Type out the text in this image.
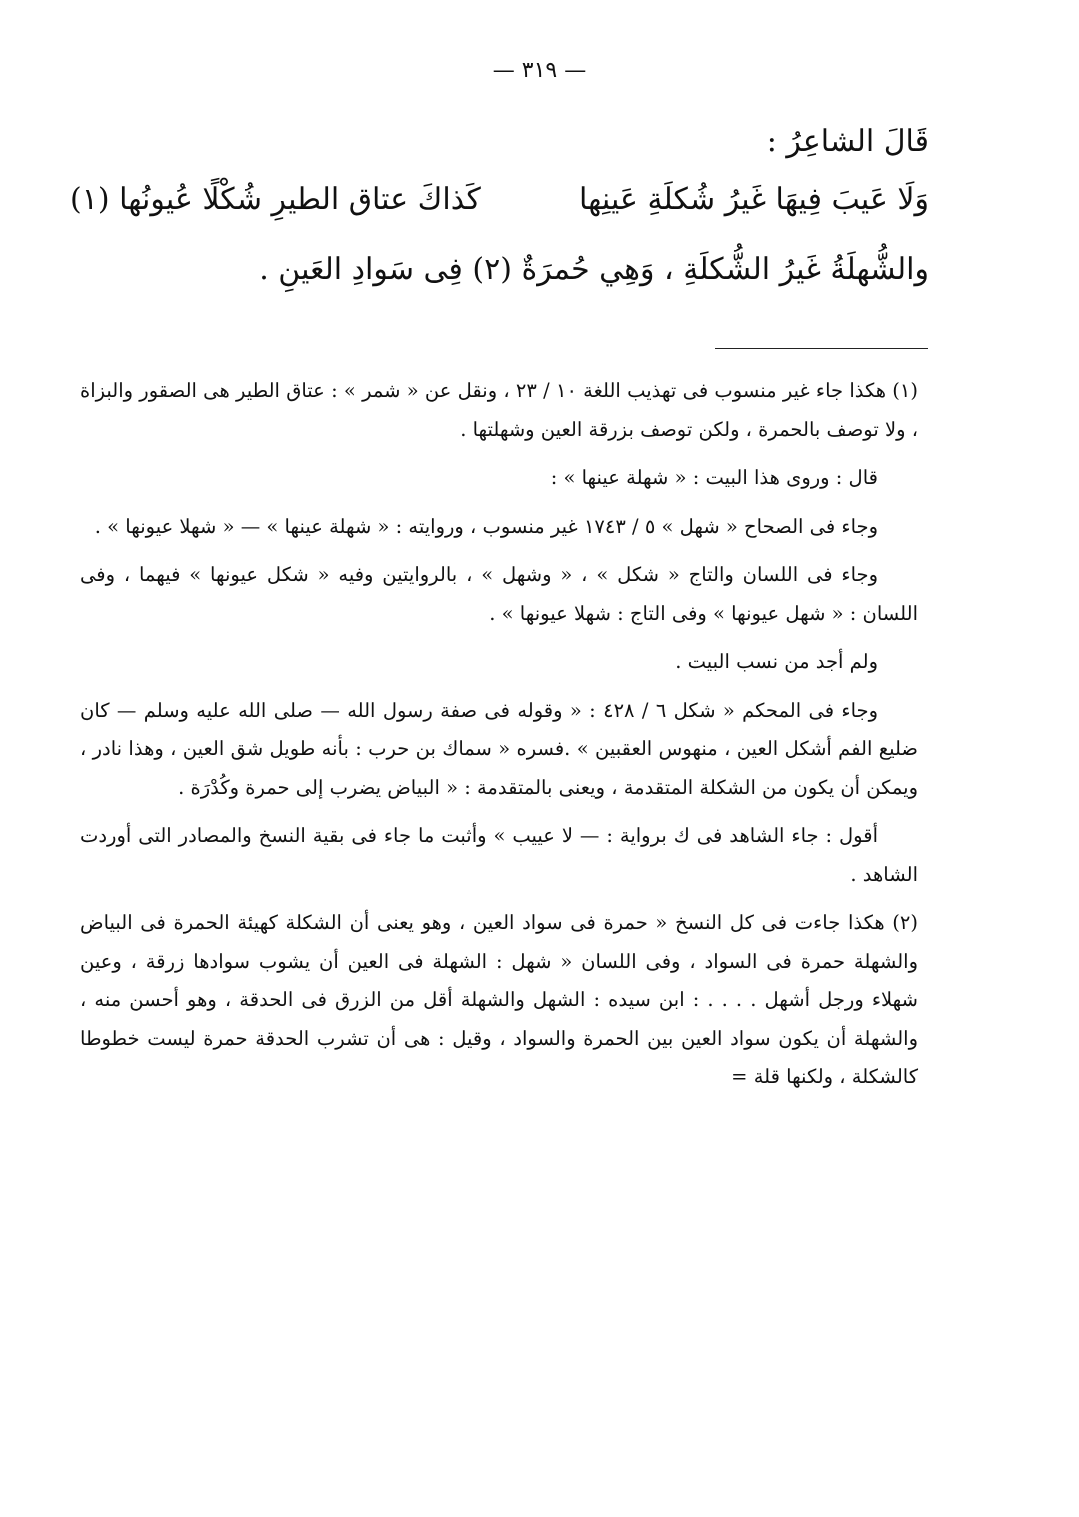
— ٣١٩ —

قَالَ الشاعِرُ :

وَلَا عَيبَ فِيهَا غَيرُ شُكلَةِ عَينِها
كَذاكَ عتاق الطيرِ شُكْلًا عُيونُها (١)
والشُّهلَةُ غَيرُ الشُّكلَةِ ، وَهِي حُمرَةٌ (٢) فِى سَوادِ العَينِ .

(١) هكذا جاء غير منسوب فى تهذيب اللغة ١٠ / ٢٣ ، ونقل عن « شمر » : عتاق الطير هى الصقور والبزاة ، ولا توصف بالحمرة ، ولكن توصف بزرقة العين وشهلتها .

قال : وروى هذا البيت : « شهلة عينها » :

وجاء فى الصحاح « شهل » ٥ / ١٧٤٣ غير منسوب ، وروايته : « شهلة عينها » — « شهلا عيونها » .

وجاء فى اللسان والتاج « شكل » ، « وشهل » ، بالروايتين وفيه « شكل عيونها » فيهما ، وفى اللسان : « شهل عيونها » وفى التاج : شهلا عيونها » .

ولم أجد من نسب البيت .

وجاء فى المحكم « شكل ٦ / ٤٢٨ : « وقوله فى صفة رسول الله — صلى الله عليه وسلم — كان ضليع الفم أشكل العين ، منهوس العقبين » .فسره « سماك بن حرب : بأنه طويل شق العين ، وهذا نادر ، ويمكن أن يكون من الشكلة المتقدمة ، ويعنى بالمتقدمة : « البياض يضرب إلى حمرة وكُدْرَة .

أقول : جاء الشاهد فى ك برواية : — لا عييب » وأثبت ما جاء فى بقية النسخ والمصادر التى أوردت الشاهد .

(٢) هكذا جاءت فى كل النسخ « حمرة فى سواد العين ، وهو يعنى أن الشكلة كهيئة الحمرة فى البياض والشهلة حمرة فى السواد ، وفى اللسان « شهل : الشهلة فى العين أن يشوب سوادها زرقة ، وعين شهلاء ورجل أشهل . . . . : ابن سيده : الشهل والشهلة أقل من الزرق فى الحدقة ، وهو أحسن منه ، والشهلة أن يكون سواد العين بين الحمرة والسواد ، وقيل : هى أن تشرب الحدقة حمرة ليست خطوطا كالشكلة ، ولكنها قلة =
